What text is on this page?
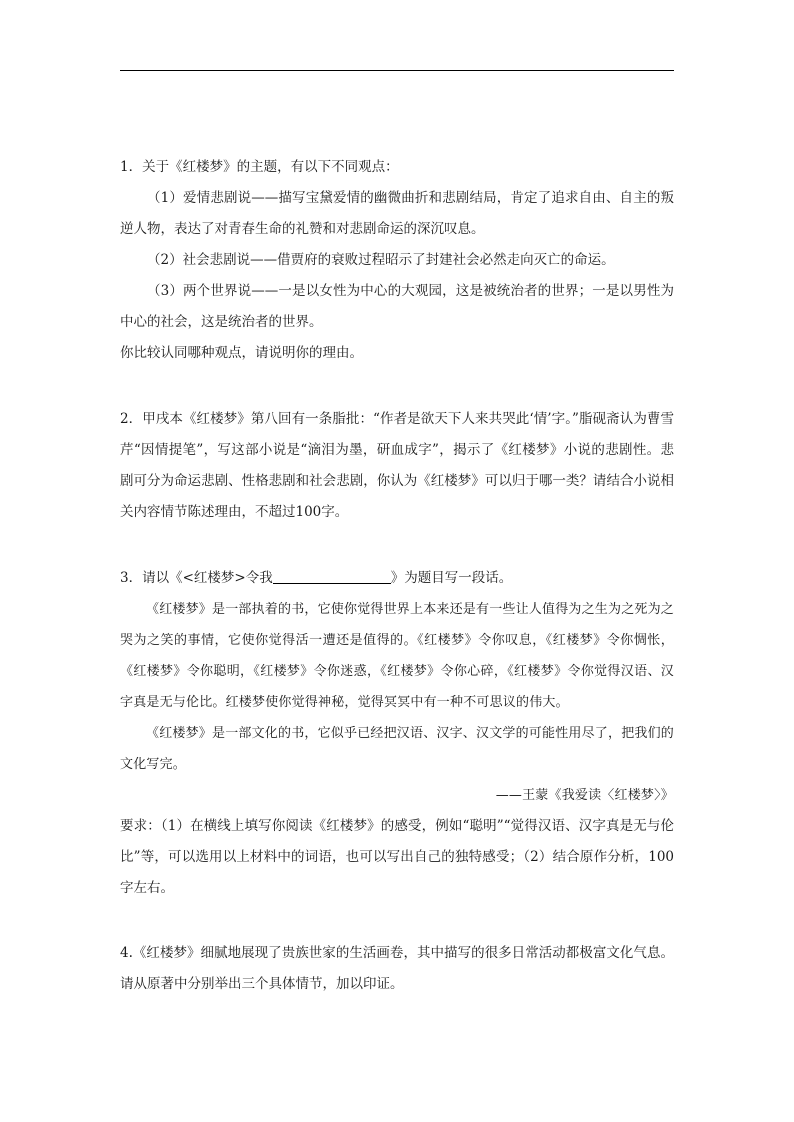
1．关于《红楼梦》的主题，有以下不同观点：

（1）爱情悲剧说——描写宝黛爱情的幽微曲折和悲剧结局，肯定了追求自由、自主的叛逆人物，表达了对青春生命的礼赞和对悲剧命运的深沉叹息。

（2）社会悲剧说——借贾府的衰败过程昭示了封建社会必然走向灭亡的命运。

（3）两个世界说——一是以女性为中心的大观园，这是被统治者的世界；一是以男性为中心的社会，这是统治者的世界。

你比较认同哪种观点，请说明你的理由。

2．甲戌本《红楼梦》第八回有一条脂批：“作者是欲天下人来共哭此‘情’字。”脂砚斋认为曹雪芹“因情提笔”，写这部小说是“滴泪为墨，研血成字”，揭示了《红楼梦》小说的悲剧性。悲剧可分为命运悲剧、性格悲剧和社会悲剧，你认为《红楼梦》可以归于哪一类？请结合小说相关内容情节陈述理由，不超过100字。

3．请以《<红楼梦>令我	》为题目写一段话。

《红楼梦》是一部执着的书，它使你觉得世界上本来还是有一些让人值得为之生为之死为之哭为之笑的事情，它使你觉得活一遭还是值得的。《红楼梦》令你叹息，《红楼梦》令你惆怅，《红楼梦》令你聪明，《红楼梦》令你迷惑，《红楼梦》令你心碎，《红楼梦》令你觉得汉语、汉字真是无与伦比。红楼梦使你觉得神秘，觉得冥冥中有一种不可思议的伟大。

《红楼梦》是一部文化的书，它似乎已经把汉语、汉字、汉文学的可能性用尽了，把我们的文化写完。

——王蒙《我爱读〈红楼梦〉》

要求：（1）在横线上填写你阅读《红楼梦》的感受，例如“聪明”“觉得汉语、汉字真是无与伦比”等，可以选用以上材料中的词语，也可以写出自己的独特感受；（2）结合原作分析，100字左右。

4.《红楼梦》细腻地展现了贵族世家的生活画卷，其中描写的很多日常活动都极富文化气息。请从原著中分别举出三个具体情节，加以印证。
